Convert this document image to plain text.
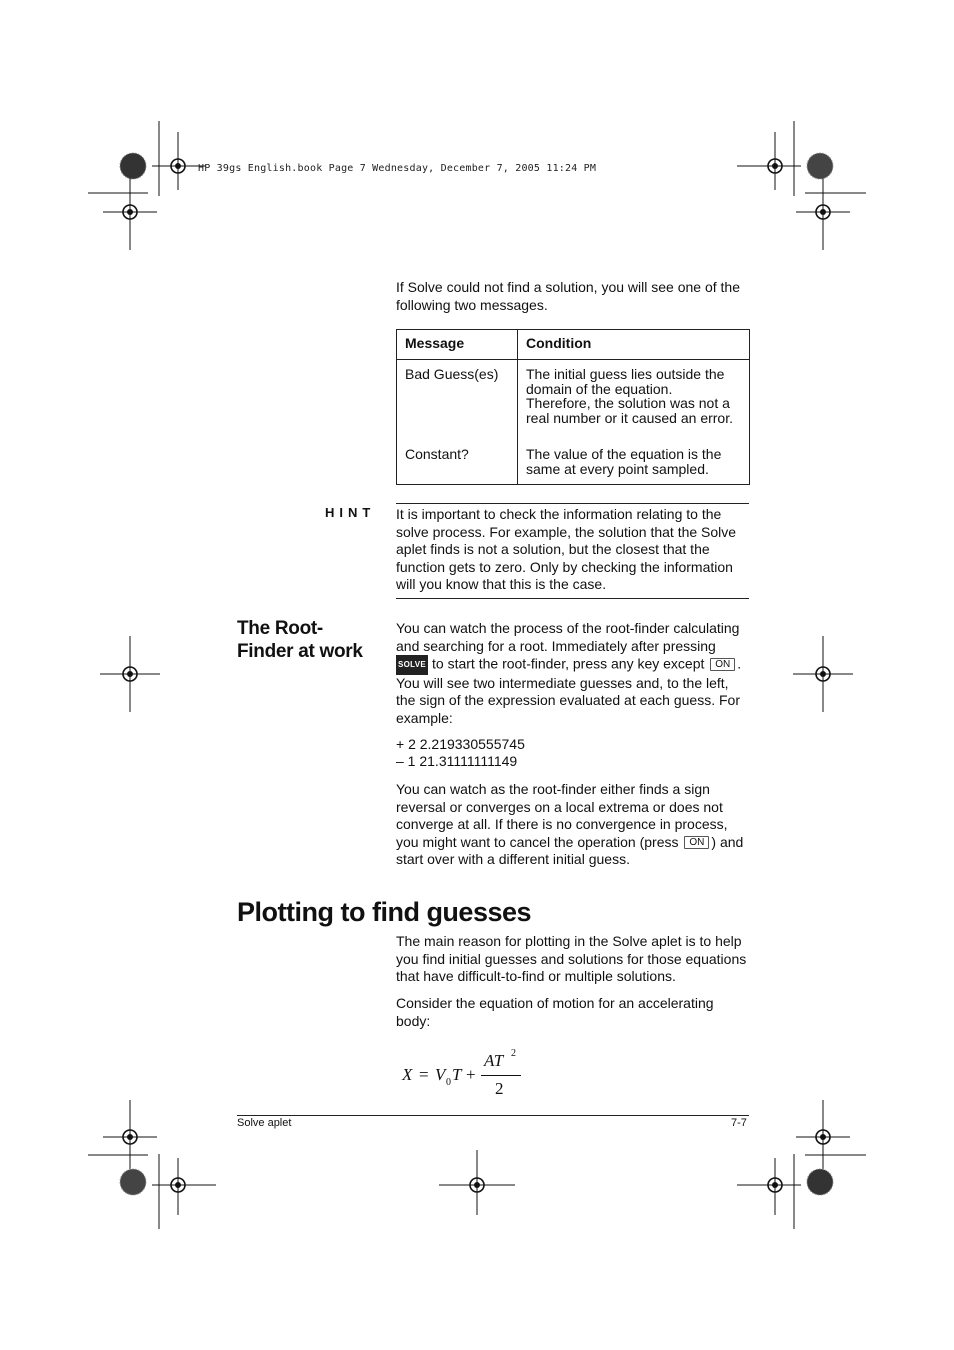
HP 39gs English.book Page 7 Wednesday, December 7, 2005 11:24 PM
If Solve could not find a solution, you will see one of the following two messages.
Message	Condition
Bad Guess(es)	The initial guess lies outside the domain of the equation. Therefore, the solution was not a real number or it caused an error.
Constant?	The value of the equation is the same at every point sampled.
HINT It is important to check the information relating to the solve process. For example, the solution that the Solve aplet finds is not a solution, but the closest that the function gets to zero. Only by checking the information will you know that this is the case.
The Root-Finder at work
You can watch the process of the root-finder calculating and searching for a root. Immediately after pressing SOLVE to start the root-finder, press any key except ON . You will see two intermediate guesses and, to the left, the sign of the expression evaluated at each guess. For example:
+ 2 2.219330555745
– 1 21.31111111149
You can watch as the root-finder either finds a sign reversal or converges on a local extrema or does not converge at all. If there is no convergence in process, you might want to cancel the operation (press ON ) and start over with a different initial guess.
Plotting to find guesses
The main reason for plotting in the Solve aplet is to help you find initial guesses and solutions for those equations that have difficult-to-find or multiple solutions.
Consider the equation of motion for an accelerating body:
X = V 0 T +
AT 2
2
Solve aplet	7-7
